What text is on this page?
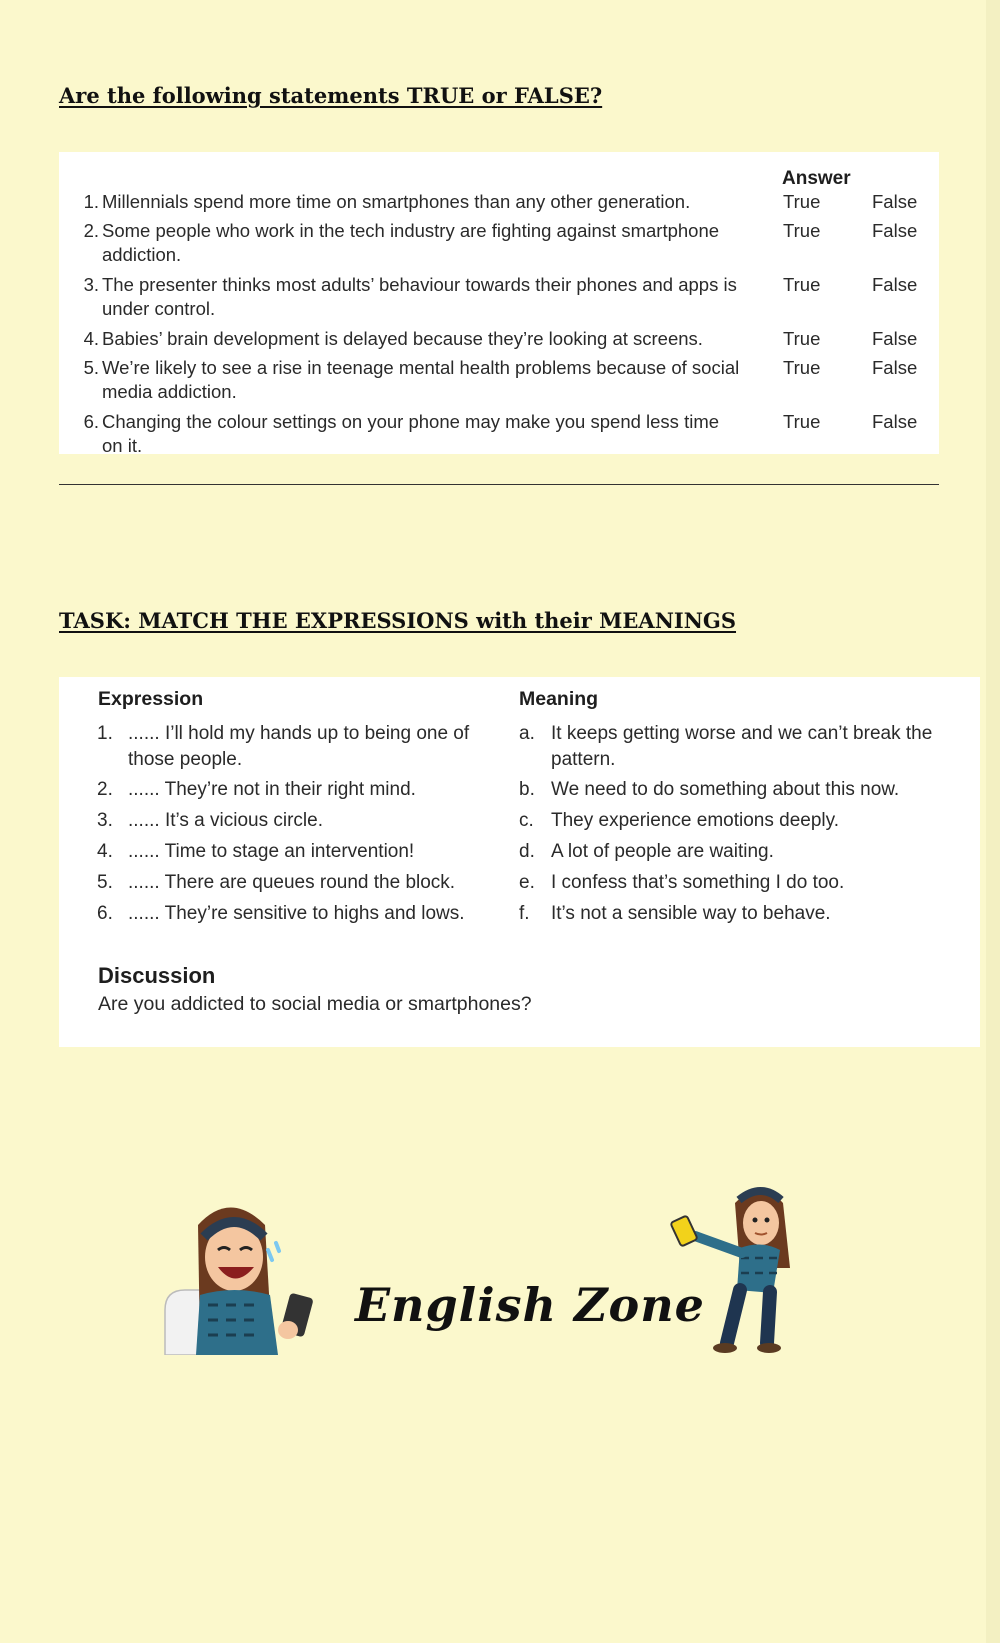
Are the following statements TRUE or FALSE?
Answer
1. Millennials spend more time on smartphones than any other generation.	True	False
2. Some people who work in the tech industry are fighting against smartphone addiction.
True	False
3. The presenter thinks most adults’ behaviour towards their phones and apps is under control.
True	False
4. Babies’ brain development is delayed because they’re looking at screens.	True	False
5. We’re likely to see a rise in teenage mental health problems because of social media addiction.
True	False
6. Changing the colour settings on your phone may make you spend less time on it.
True	False
TASK: MATCH THE EXPRESSIONS with their MEANINGS
Expression	Meaning
1. ...... I’ll hold my hands up to being one of those people.
a. It keeps getting worse and we can’t break the pattern.
2. ...... They’re not in their right mind.	b. We need to do something about this now.
3. ...... It’s a vicious circle.	c. They experience emotions deeply.
4. ...... Time to stage an intervention!	d. A lot of people are waiting.
5. ...... There are queues round the block.	e. I confess that’s something I do too.
6. ...... They’re sensitive to highs and lows.	f. It’s not a sensible way to behave.
Discussion
Are you addicted to social media or smartphones?
English Zone
